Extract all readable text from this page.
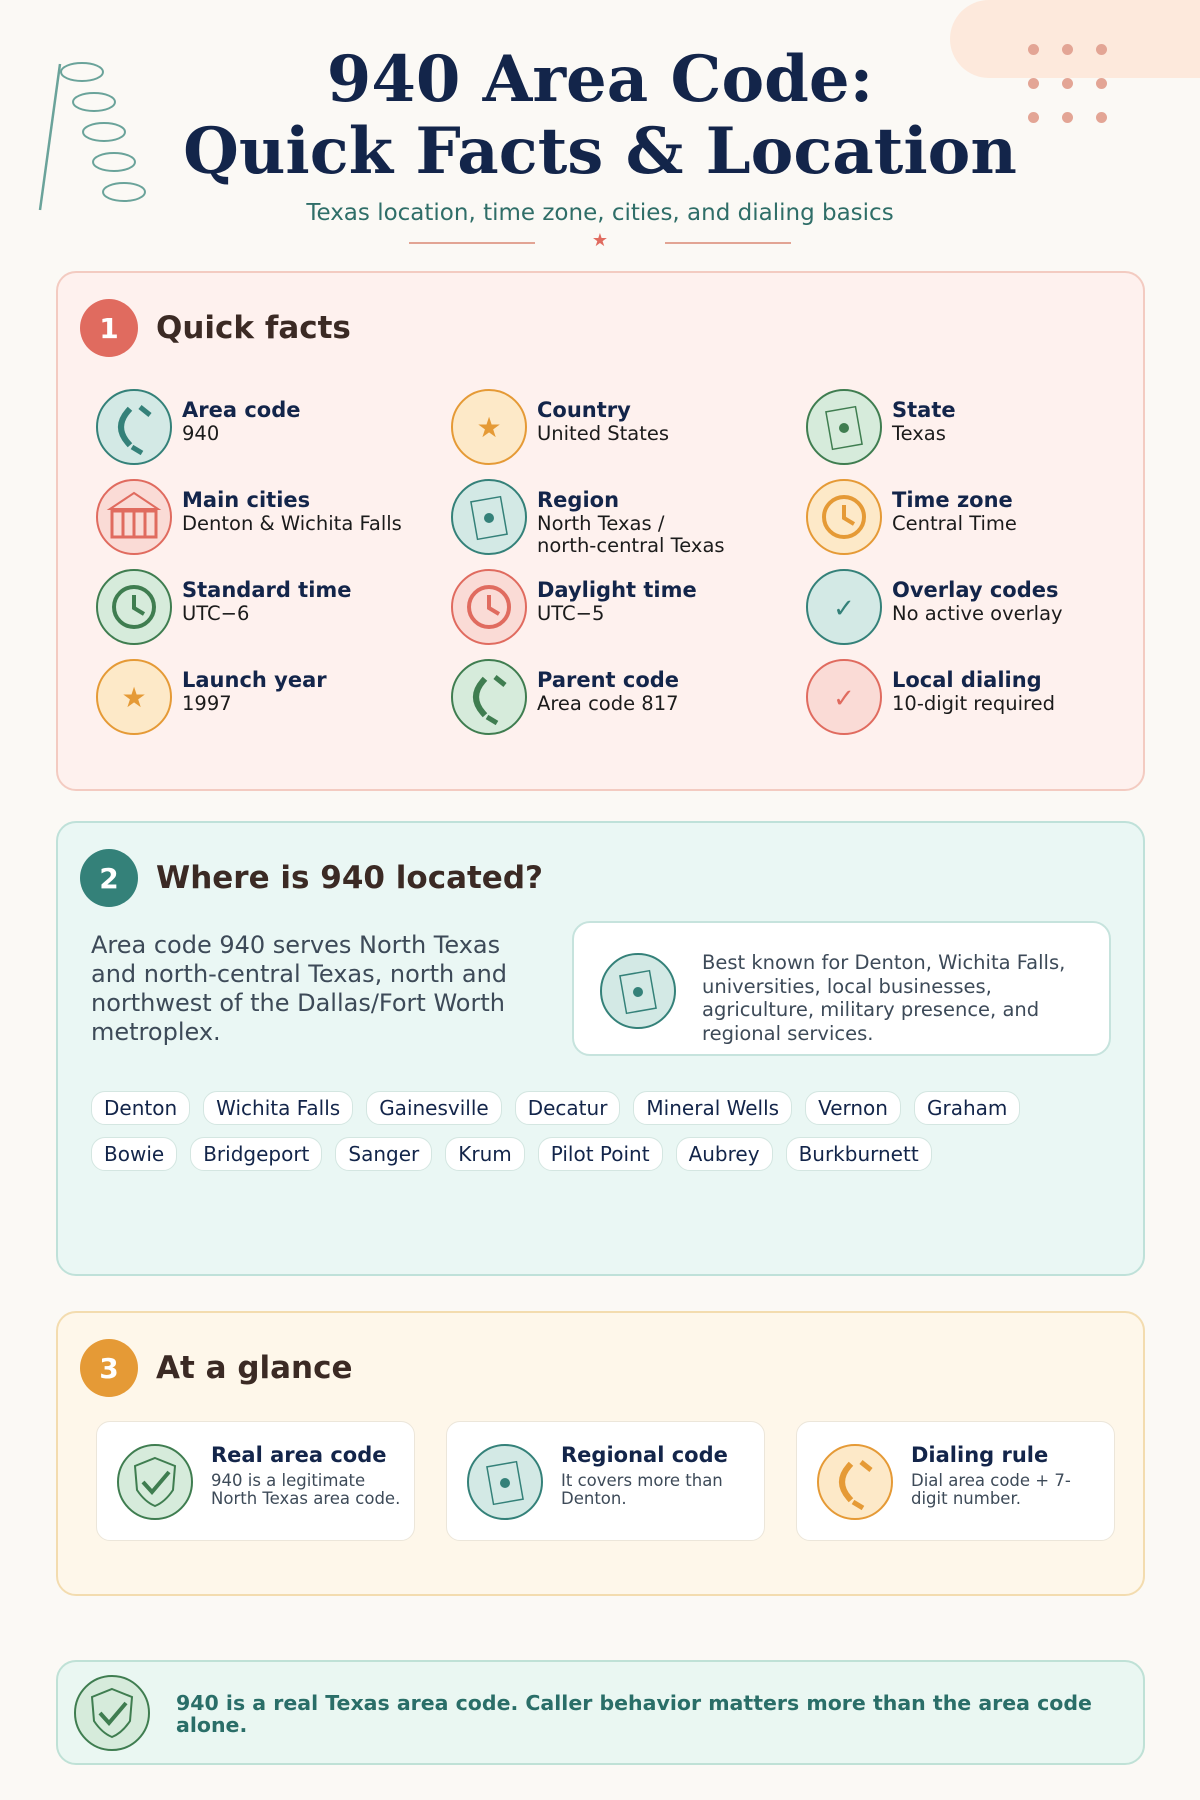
940 Area Code:
Quick Facts & Location
Texas location, time zone, cities, and dialing basics
★
1	Quick facts
Area code
940	★
Country
United States
State
Texas
Main cities
Denton & Wichita Falls
Region
North Texas /
north-central Texas
Time zone
Central Time
Standard time
UTC−6
Daylight time
UTC−5	✓
Overlay codes
No active overlay
★
Launch year
1997
Parent code
Area code 817	✓
Local dialing
10-digit required
2	Where is 940 located?
Area code 940 serves North Texas and north-central Texas, north and northwest of the Dallas/Fort Worth metroplex.
Best known for Denton, Wichita Falls, universities, local businesses, agriculture, military presence, and regional services.
Denton	Wichita Falls	Gainesville	Decatur	Mineral Wells	Vernon	Graham
Bowie	Bridgeport	Sanger	Krum	Pilot Point	Aubrey	Burkburnett
3	At a glance
Real area code
940 is a legitimate North Texas area code.
Regional code
It covers more than Denton.
Dialing rule
Dial area code + 7-digit number.
940 is a real Texas area code. Caller behavior matters more than the area code alone.
